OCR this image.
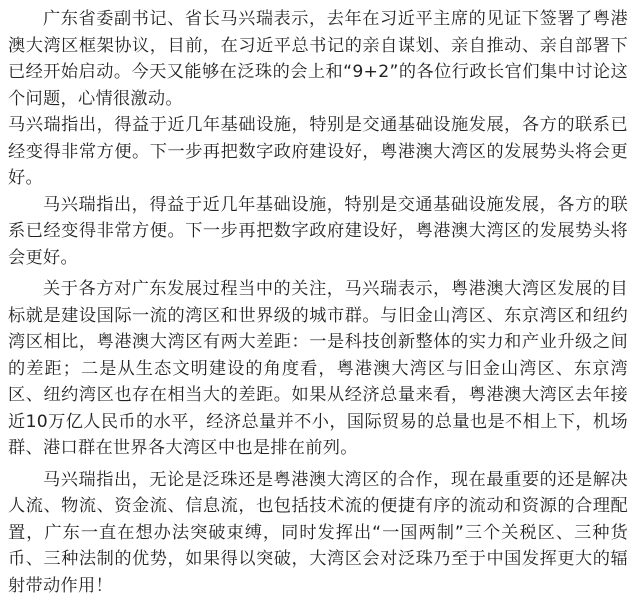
广东省委副书记、省长马兴瑞表示，去年在习近平主席的见证下签署了粤港澳大湾区框架协议，目前，在习近平总书记的亲自谋划、亲自推动、亲自部署下已经开始启动。今天又能够在泛珠的会上和“9+2”的各位行政长官们集中讨论这个问题，心情很激动。

马兴瑞指出，得益于近几年基础设施，特别是交通基础设施发展，各方的联系已经变得非常方便。下一步再把数字政府建设好，粤港澳大湾区的发展势头将会更好。

马兴瑞指出，得益于近几年基础设施，特别是交通基础设施发展，各方的联系已经变得非常方便。下一步再把数字政府建设好，粤港澳大湾区的发展势头将会更好。

关于各方对广东发展过程当中的关注，马兴瑞表示，粤港澳大湾区发展的目标就是建设国际一流的湾区和世界级的城市群。与旧金山湾区、东京湾区和纽约湾区相比，粤港澳大湾区有两大差距：一是科技创新整体的实力和产业升级之间的差距；二是从生态文明建设的角度看，粤港澳大湾区与旧金山湾区、东京湾区、纽约湾区也存在相当大的差距。如果从经济总量来看，粤港澳大湾区去年接近10万亿人民币的水平，经济总量并不小，国际贸易的总量也是不相上下，机场群、港口群在世界各大湾区中也是排在前列。

马兴瑞指出，无论是泛珠还是粤港澳大湾区的合作，现在最重要的还是解决人流、物流、资金流、信息流，也包括技术流的便捷有序的流动和资源的合理配置，广东一直在想办法突破束缚，同时发挥出“一国两制”三个关税区、三种货币、三种法制的优势，如果得以突破，大湾区会对泛珠乃至于中国发挥更大的辐射带动作用！
